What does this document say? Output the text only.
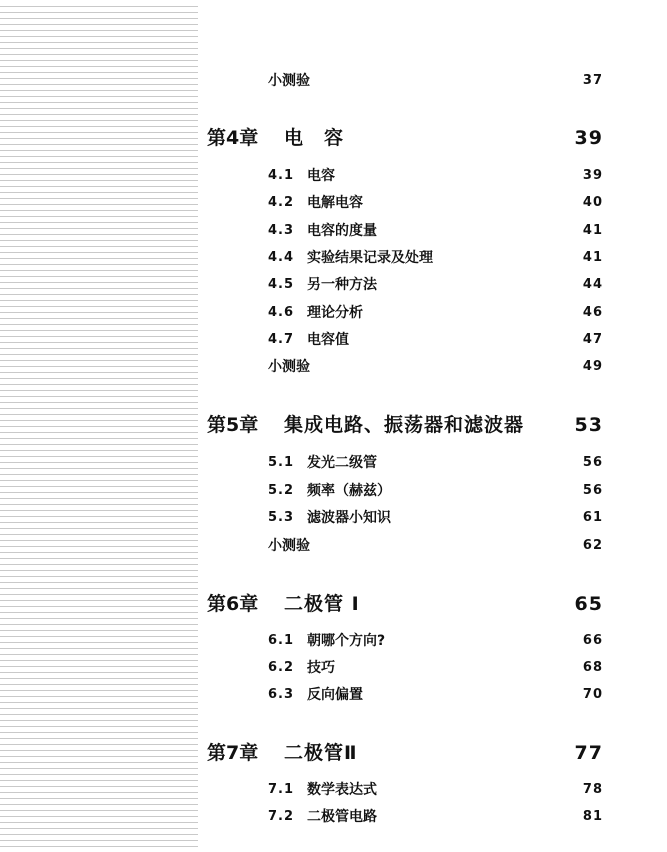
小测验	37
第4章 电　容	39
4.1 电容	39
4.2 电解电容	40
4.3 电容的度量	41
4.4 实验结果记录及处理	41
4.5 另一种方法	44
4.6 理论分析	46
4.7 电容值	47
小测验	49
第5章 集成电路、振荡器和滤波器	53
5.1 发光二级管	56
5.2 频率（赫兹）	56
5.3 滤波器小知识	61
小测验	62
第6章 二极管 I	65
6.1 朝哪个方向?	66
6.2 技巧	68
6.3 反向偏置	70
第7章 二极管Ⅱ	77
7.1 数学表达式	78
7.2 二极管电路	81
